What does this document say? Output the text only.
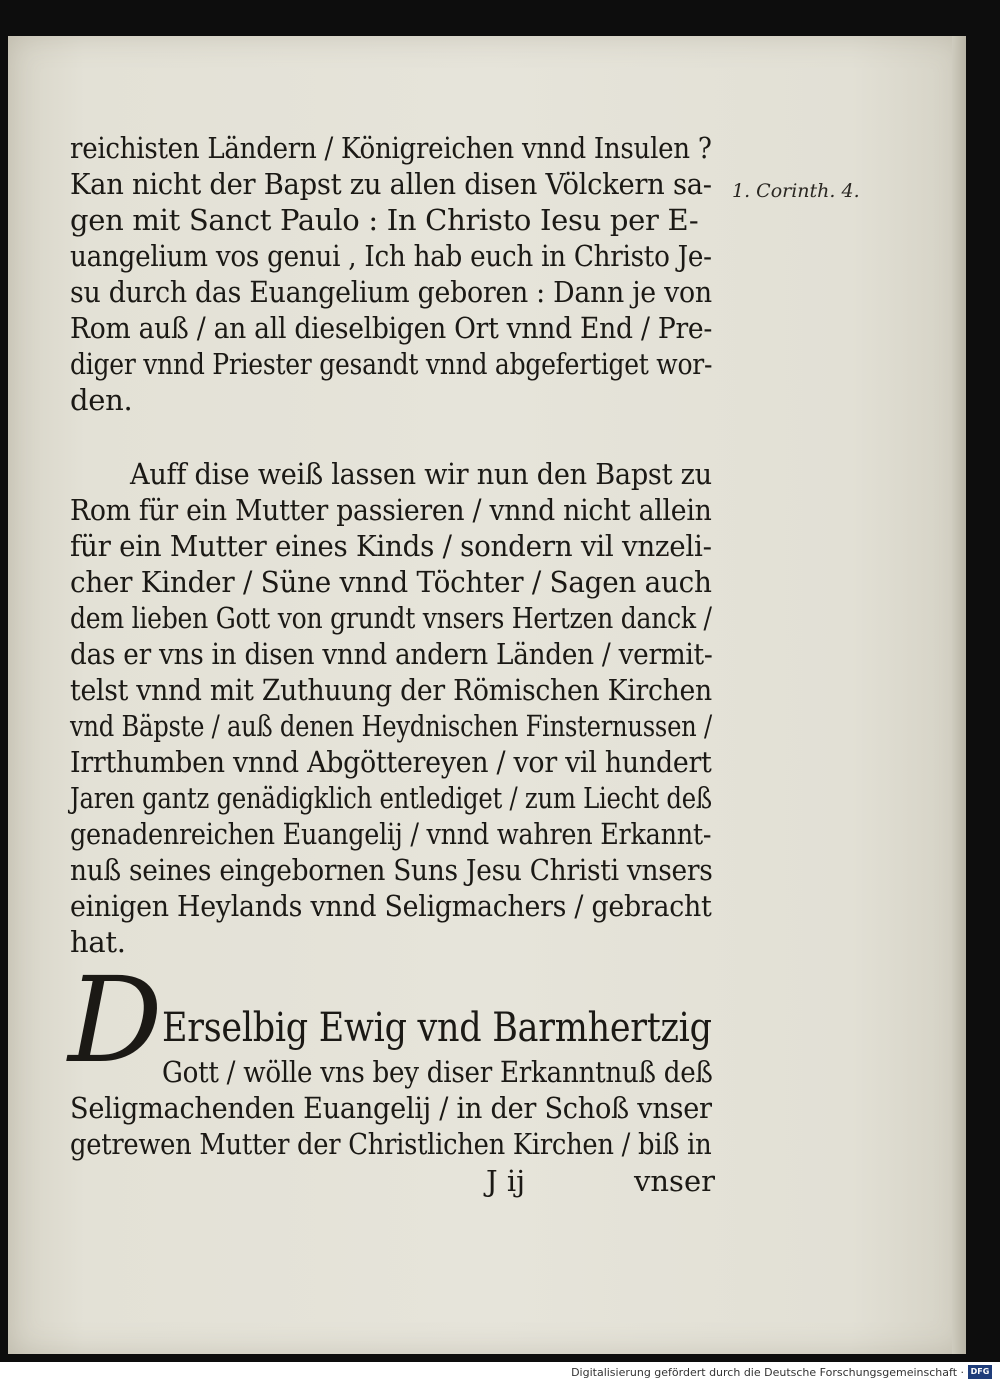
reichisten Ländern / Königreichen vnnd Insulen ?

Kan nicht der Bapst zu allen disen Völckern sa-

gen mit Sanct Paulo : In Christo Iesu per E-

uangelium vos genui , Ich hab euch in Christo Je-

su durch das Euangelium geboren : Dann je von

Rom auß / an all dieselbigen Ort vnnd End / Pre-

diger vnnd Priester gesandt vnnd abgefertiget wor-

den.

Auff dise weiß lassen wir nun den Bapst zu

Rom für ein Mutter passieren / vnnd nicht allein

für ein Mutter eines Kinds / sondern vil vnzeli-

cher Kinder / Süne vnnd Töchter / Sagen auch

dem lieben Gott von grundt vnsers Hertzen danck /

das er vns in disen vnnd andern Länden / vermit-

telst vnnd mit Zuthuung der Römischen Kirchen

vnd Bäpste / auß denen Heydnischen Finsternussen /

Irrthumben vnnd Abgöttereyen / vor vil hundert

Jaren gantz genädigklich entlediget / zum Liecht deß

genadenreichen Euangelij / vnnd wahren Erkannt-

nuß seines eingebornen Suns Jesu Christi vnsers

einigen Heylands vnnd Seligmachers / gebracht

hat.

D Erselbig Ewig vnd Barmhertzig

Gott / wölle vns bey diser Erkanntnuß deß

Seligmachenden Euangelij / in der Schoß vnser

getrewen Mutter der Christlichen Kirchen / biß in

J ij	vnser
1. Corinth. 4.
Digitalisierung gefördert durch die Deutsche Forschungsgemeinschaft · DFG
